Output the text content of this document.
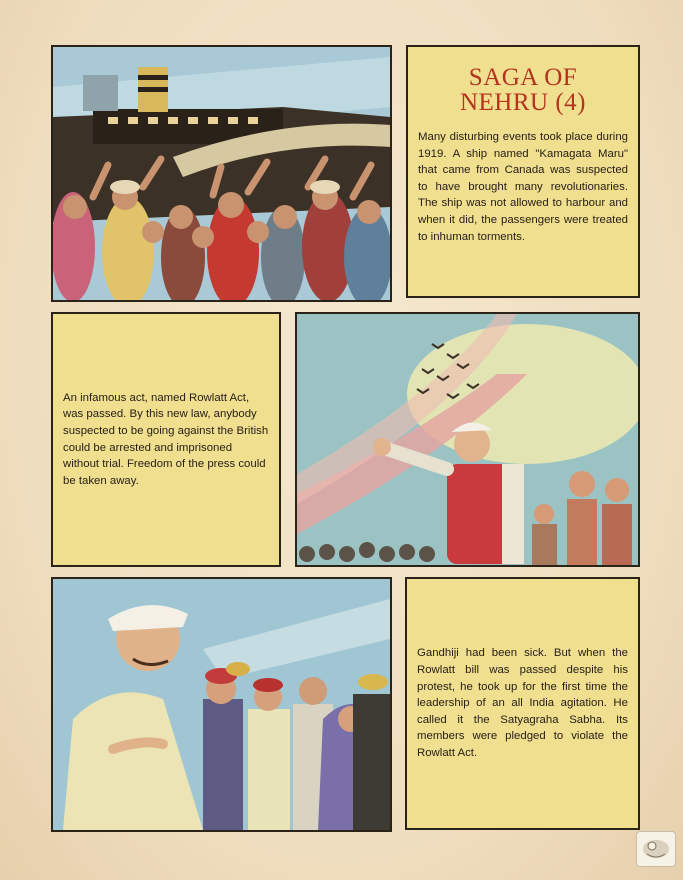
SAGA OF
NEHRU (4)
Many disturbing events took place during 1919. A ship named "Kamagata Maru" that came from Canada was suspected to have brought many revolutionaries. The ship was not allowed to harbour and when it did, the passengers were treated to inhuman torments.
An infamous act, named Rowlatt Act, was passed. By this new law, anybody suspected to be going against the British could be arrested and imprisoned without trial. Freedom of the press could be taken away.
Gandhiji had been sick. But when the Rowlatt bill was passed despite his protest, he took up for the first time the leadership of an all India agitation. He called it the Satyagraha Sabha. Its members were pledged to violate the Rowlatt Act.
